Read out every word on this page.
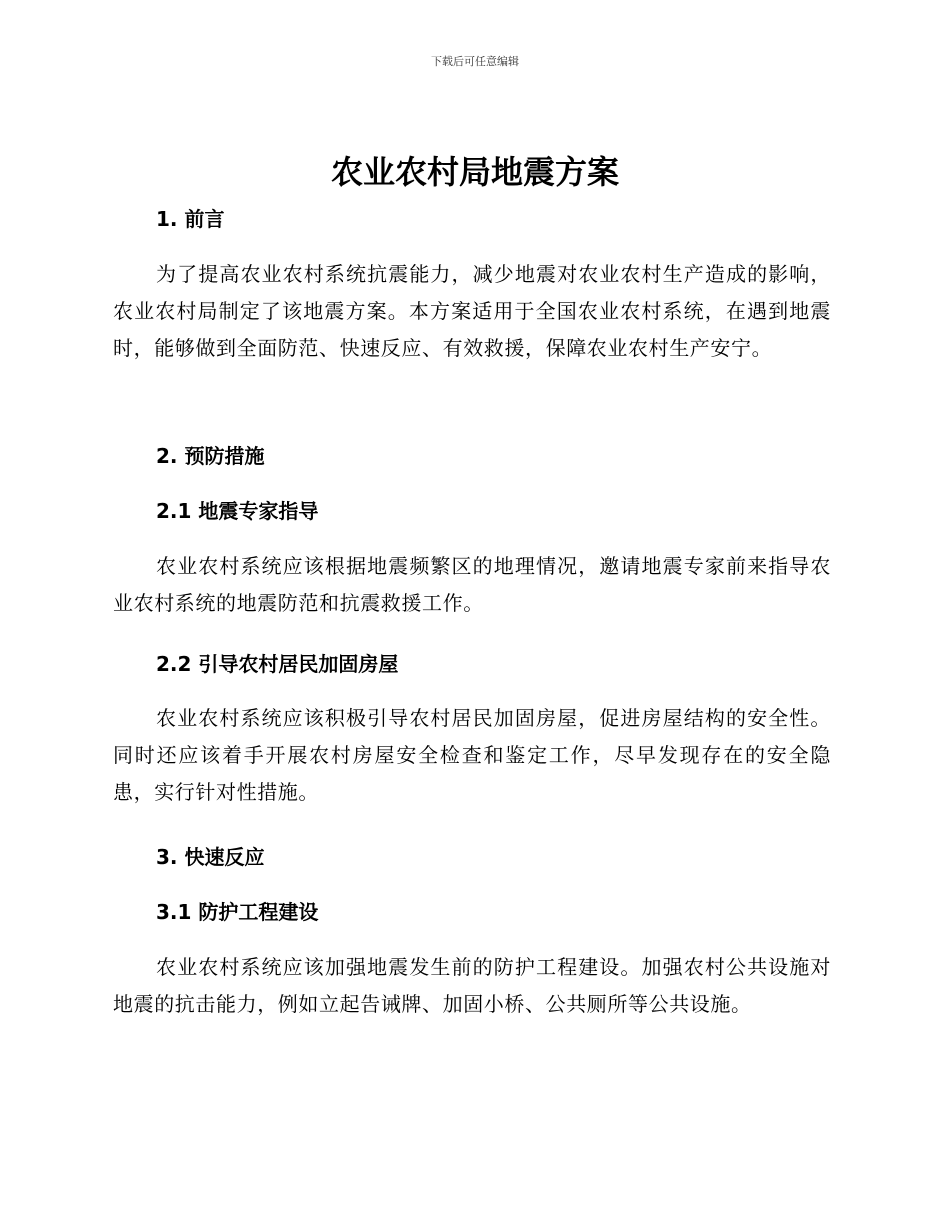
下载后可任意编辑
农业农村局地震方案
1. 前言

为了提高农业农村系统抗震能力，减少地震对农业农村生产造成的影响，农业农村局制定了该地震方案。本方案适用于全国农业农村系统，在遇到地震时，能够做到全面防范、快速反应、有效救援，保障农业农村生产安宁。

2. 预防措施
2.1 地震专家指导

农业农村系统应该根据地震频繁区的地理情况，邀请地震专家前来指导农业农村系统的地震防范和抗震救援工作。

2.2 引导农村居民加固房屋

农业农村系统应该积极引导农村居民加固房屋，促进房屋结构的安全性。同时还应该着手开展农村房屋安全检查和鉴定工作，尽早发现存在的安全隐患，实行针对性措施。

3. 快速反应
3.1 防护工程建设

农业农村系统应该加强地震发生前的防护工程建设。加强农村公共设施对地震的抗击能力，例如立起告诫牌、加固小桥、公共厕所等公共设施。
